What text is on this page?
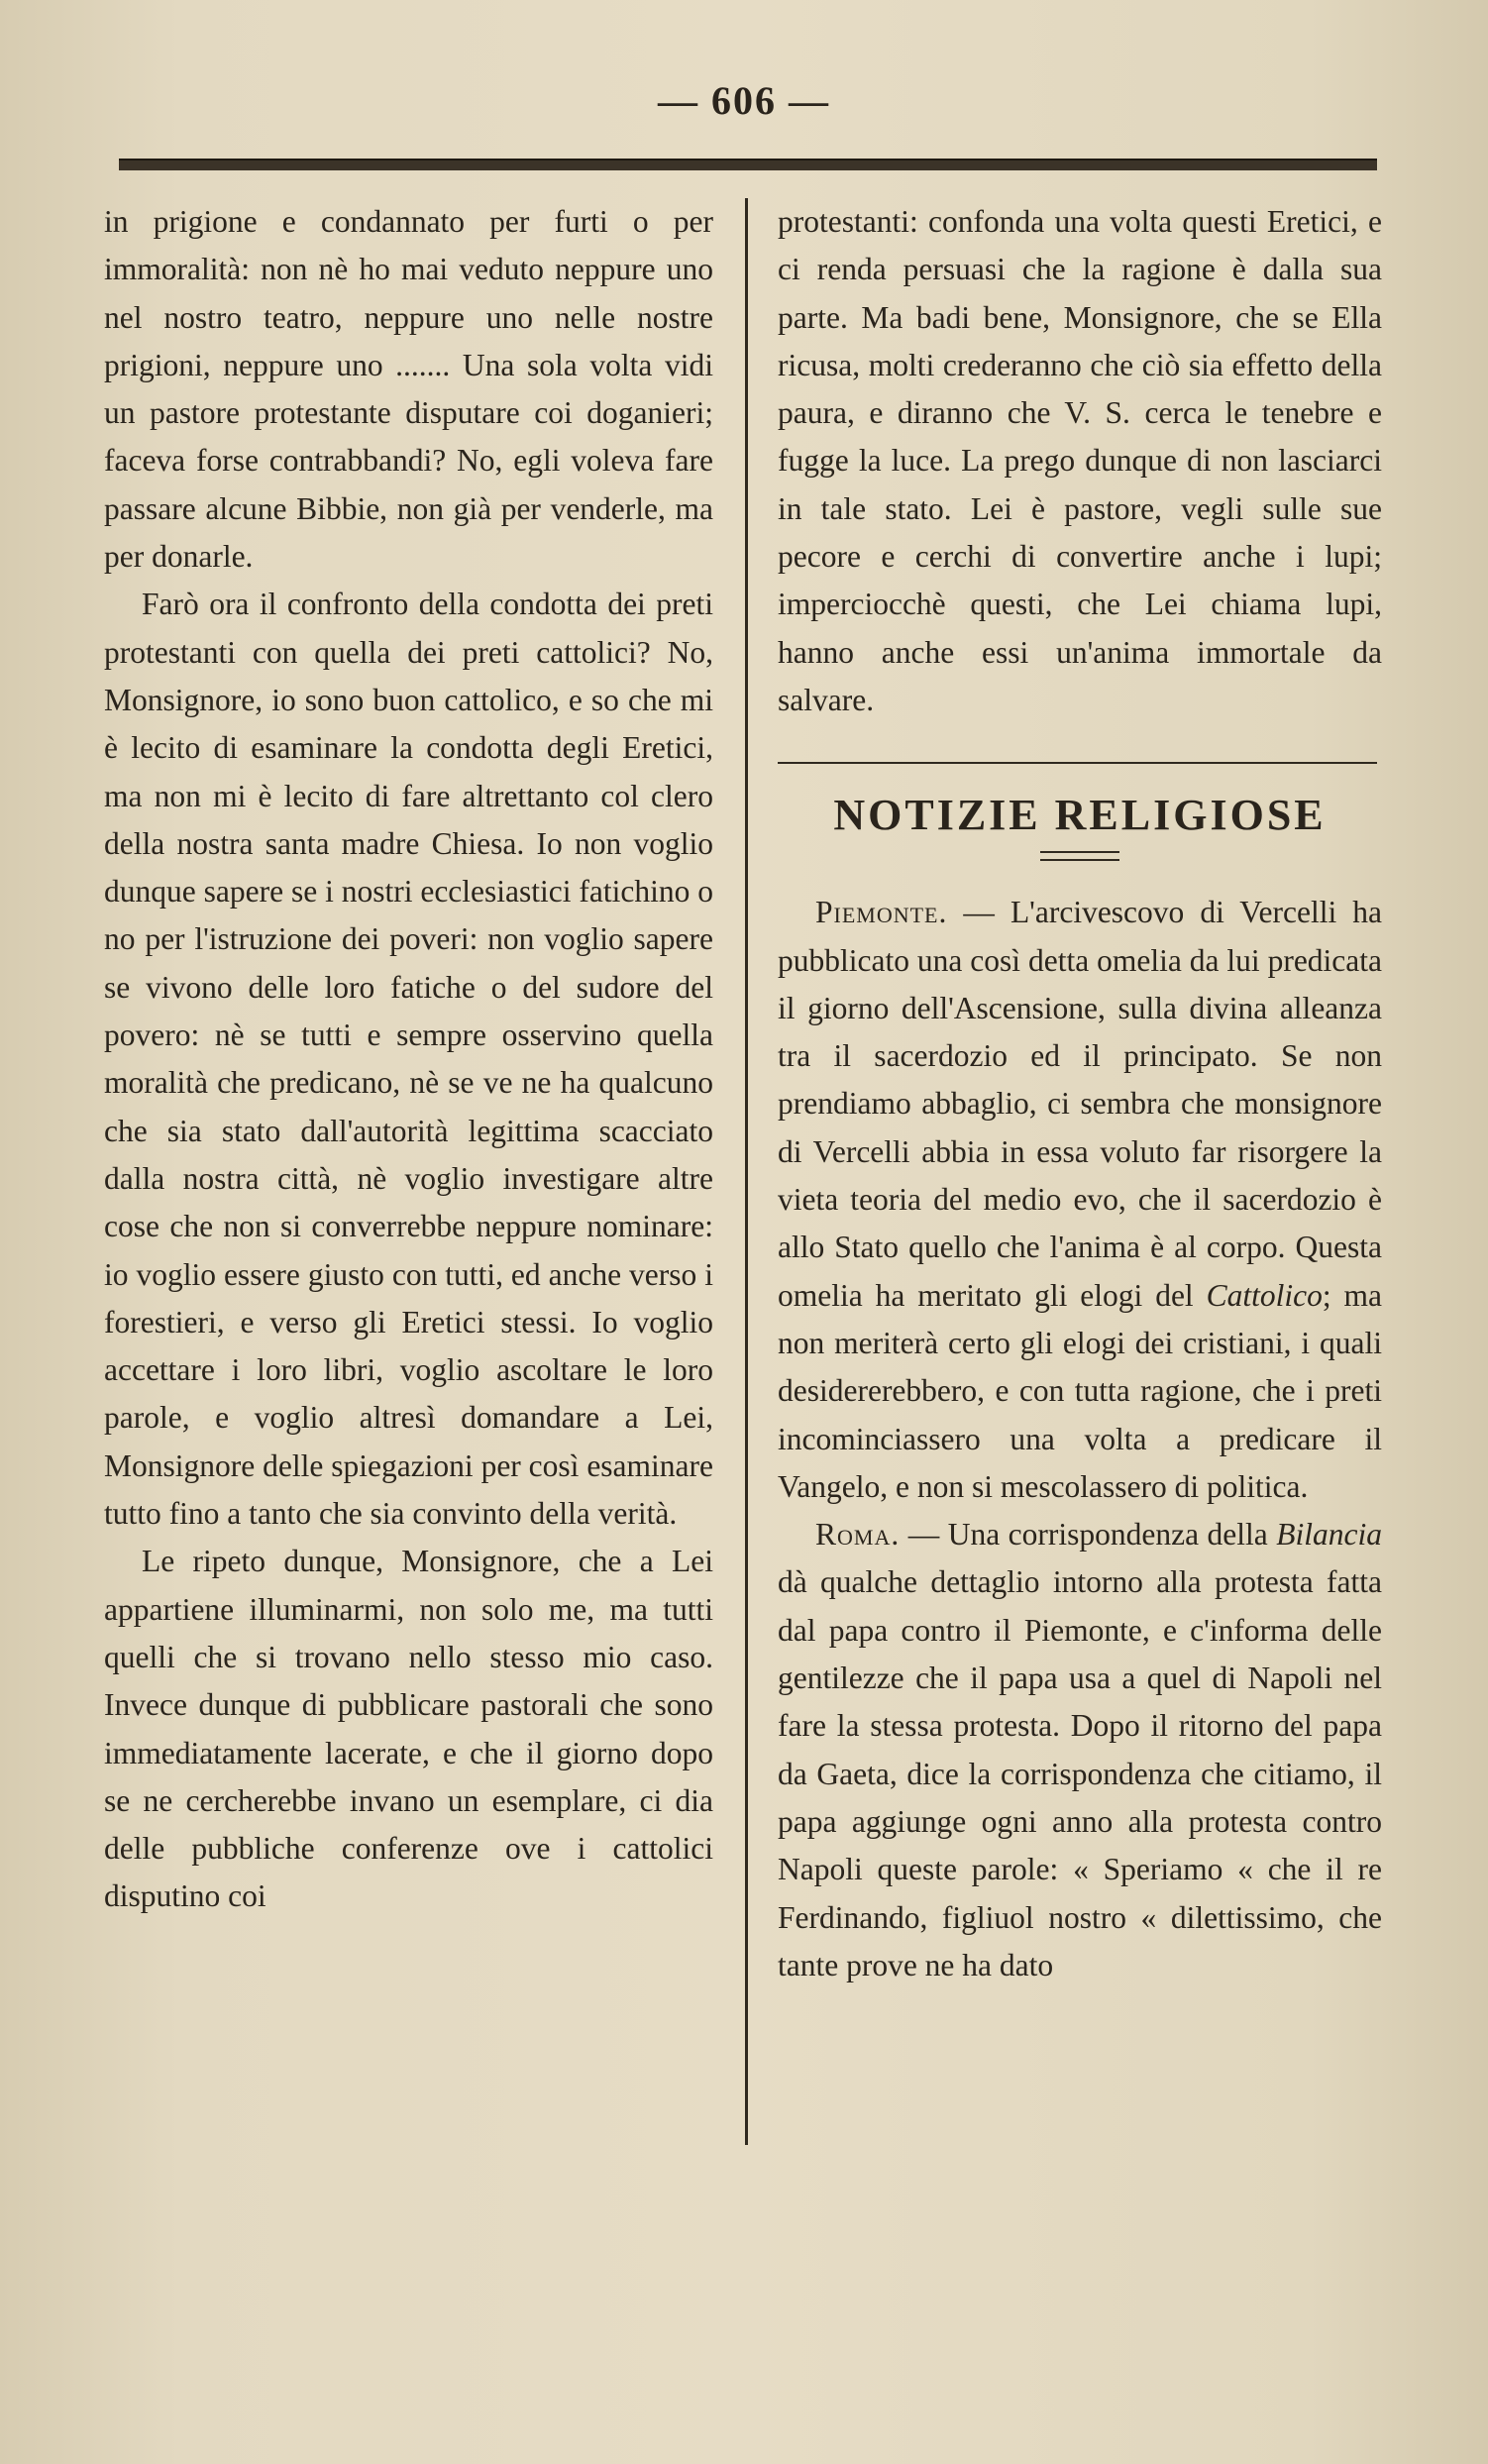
— 606 —

in prigione e condannato per furti o per immoralità: non nè ho mai veduto neppure uno nel nostro teatro, neppure uno nelle nostre prigioni, neppure uno ....... Una sola volta vidi un pastore protestante disputare coi doganieri; faceva forse contrabbandi? No, egli voleva fare passare alcune Bibbie, non già per venderle, ma per donarle.

Farò ora il confronto della condotta dei preti protestanti con quella dei preti cattolici? No, Monsignore, io sono buon cattolico, e so che mi è lecito di esaminare la condotta degli Eretici, ma non mi è lecito di fare altrettanto col clero della nostra santa madre Chiesa. Io non voglio dunque sapere se i nostri ecclesiastici fatichino o no per l'istruzione dei poveri: non voglio sapere se vivono delle loro fatiche o del sudore del povero: nè se tutti e sempre osservino quella moralità che predicano, nè se ve ne ha qualcuno che sia stato dall'autorità legittima scacciato dalla nostra città, nè voglio investigare altre cose che non si converrebbe neppure nominare: io voglio essere giusto con tutti, ed anche verso i forestieri, e verso gli Eretici stessi. Io voglio accettare i loro libri, voglio ascoltare le loro parole, e voglio altresì domandare a Lei, Monsignore delle spiegazioni per così esaminare tutto fino a tanto che sia convinto della verità.

Le ripeto dunque, Monsignore, che a Lei appartiene illuminarmi, non solo me, ma tutti quelli che si trovano nello stesso mio caso. Invece dunque di pubblicare pastorali che sono immediatamente lacerate, e che il giorno dopo se ne cercherebbe invano un esemplare, ci dia delle pubbliche conferenze ove i cattolici disputino coi

protestanti: confonda una volta questi Eretici, e ci renda persuasi che la ragione è dalla sua parte. Ma badi bene, Monsignore, che se Ella ricusa, molti crederanno che ciò sia effetto della paura, e diranno che V. S. cerca le tenebre e fugge la luce. La prego dunque di non lasciarci in tale stato. Lei è pastore, vegli sulle sue pecore e cerchi di convertire anche i lupi; imperciocchè questi, che Lei chiama lupi, hanno anche essi un'anima immortale da salvare.

NOTIZIE RELIGIOSE

Piemonte. — L'arcivescovo di Vercelli ha pubblicato una così detta omelia da lui predicata il giorno dell'Ascensione, sulla divina alleanza tra il sacerdozio ed il principato. Se non prendiamo abbaglio, ci sembra che monsignore di Vercelli abbia in essa voluto far risorgere la vieta teoria del medio evo, che il sacerdozio è allo Stato quello che l'anima è al corpo. Questa omelia ha meritato gli elogi del Cattolico; ma non meriterà certo gli elogi dei cristiani, i quali desidererebbero, e con tutta ragione, che i preti incominciassero una volta a predicare il Vangelo, e non si mescolassero di politica.

Roma. — Una corrispondenza della Bilancia dà qualche dettaglio intorno alla protesta fatta dal papa contro il Piemonte, e c'informa delle gentilezze che il papa usa a quel di Napoli nel fare la stessa protesta. Dopo il ritorno del papa da Gaeta, dice la corrispondenza che citiamo, il papa aggiunge ogni anno alla protesta contro Napoli queste parole: « Speriamo « che il re Ferdinando, figliuol nostro « dilettissimo, che tante prove ne ha dato
